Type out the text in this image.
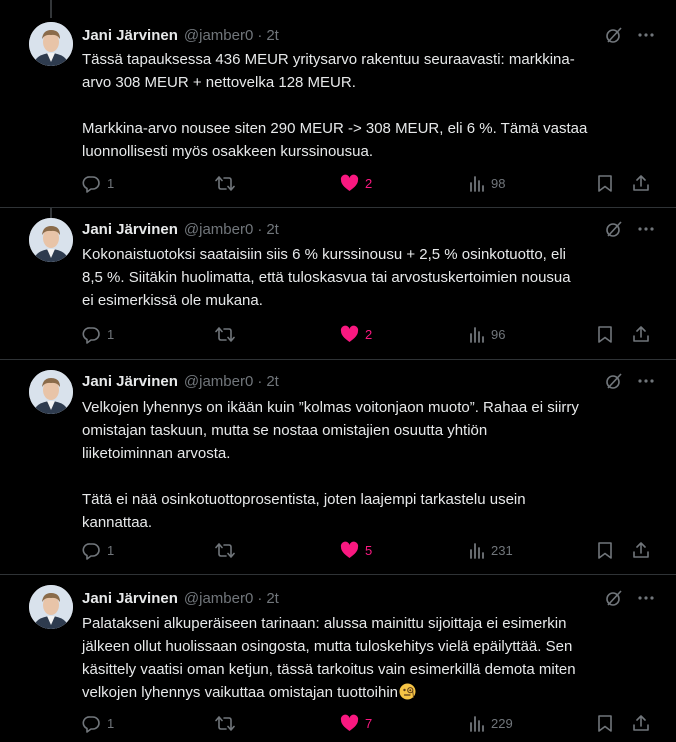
Jani Järvinen @jamber0 · 2t
Tässä tapauksessa 436 MEUR yritysarvo rakentuu seuraavasti: markkina-
arvo 308 MEUR + nettovelka 128 MEUR.

Markkina-arvo nousee siten 290 MEUR -> 308 MEUR, eli 6 %. Tämä vastaa
luonnollisesti myös osakkeen kurssinousua.
1	2	98
Jani Järvinen @jamber0 · 2t
Kokonaistuotoksi saataisiin siis 6 % kurssinousu + 2,5 % osinkotuotto, eli
8,5 %. Siitäkin huolimatta, että tuloskasvua tai arvostuskertoimien nousua
ei esimerkissä ole mukana.
1	2	96
Jani Järvinen @jamber0 · 2t
Velkojen lyhennys on ikään kuin ”kolmas voitonjaon muoto”. Rahaa ei siirry
omistajan taskuun, mutta se nostaa omistajien osuutta yhtiön
liiketoiminnan arvosta.

Tätä ei nää osinkotuottoprosentista, joten laajempi tarkastelu usein
kannattaa.
1	5	231
Jani Järvinen @jamber0 · 2t
Palatakseni alkuperäiseen tarinaan: alussa mainittu sijoittaja ei esimerkin
jälkeen ollut huolissaan osingosta, mutta tuloskehitys vielä epäilyttää. Sen
käsittely vaatisi oman ketjun, tässä tarkoitus vain esimerkillä demota miten
velkojen lyhennys vaikuttaa omistajan tuottoihin
1	7	229
